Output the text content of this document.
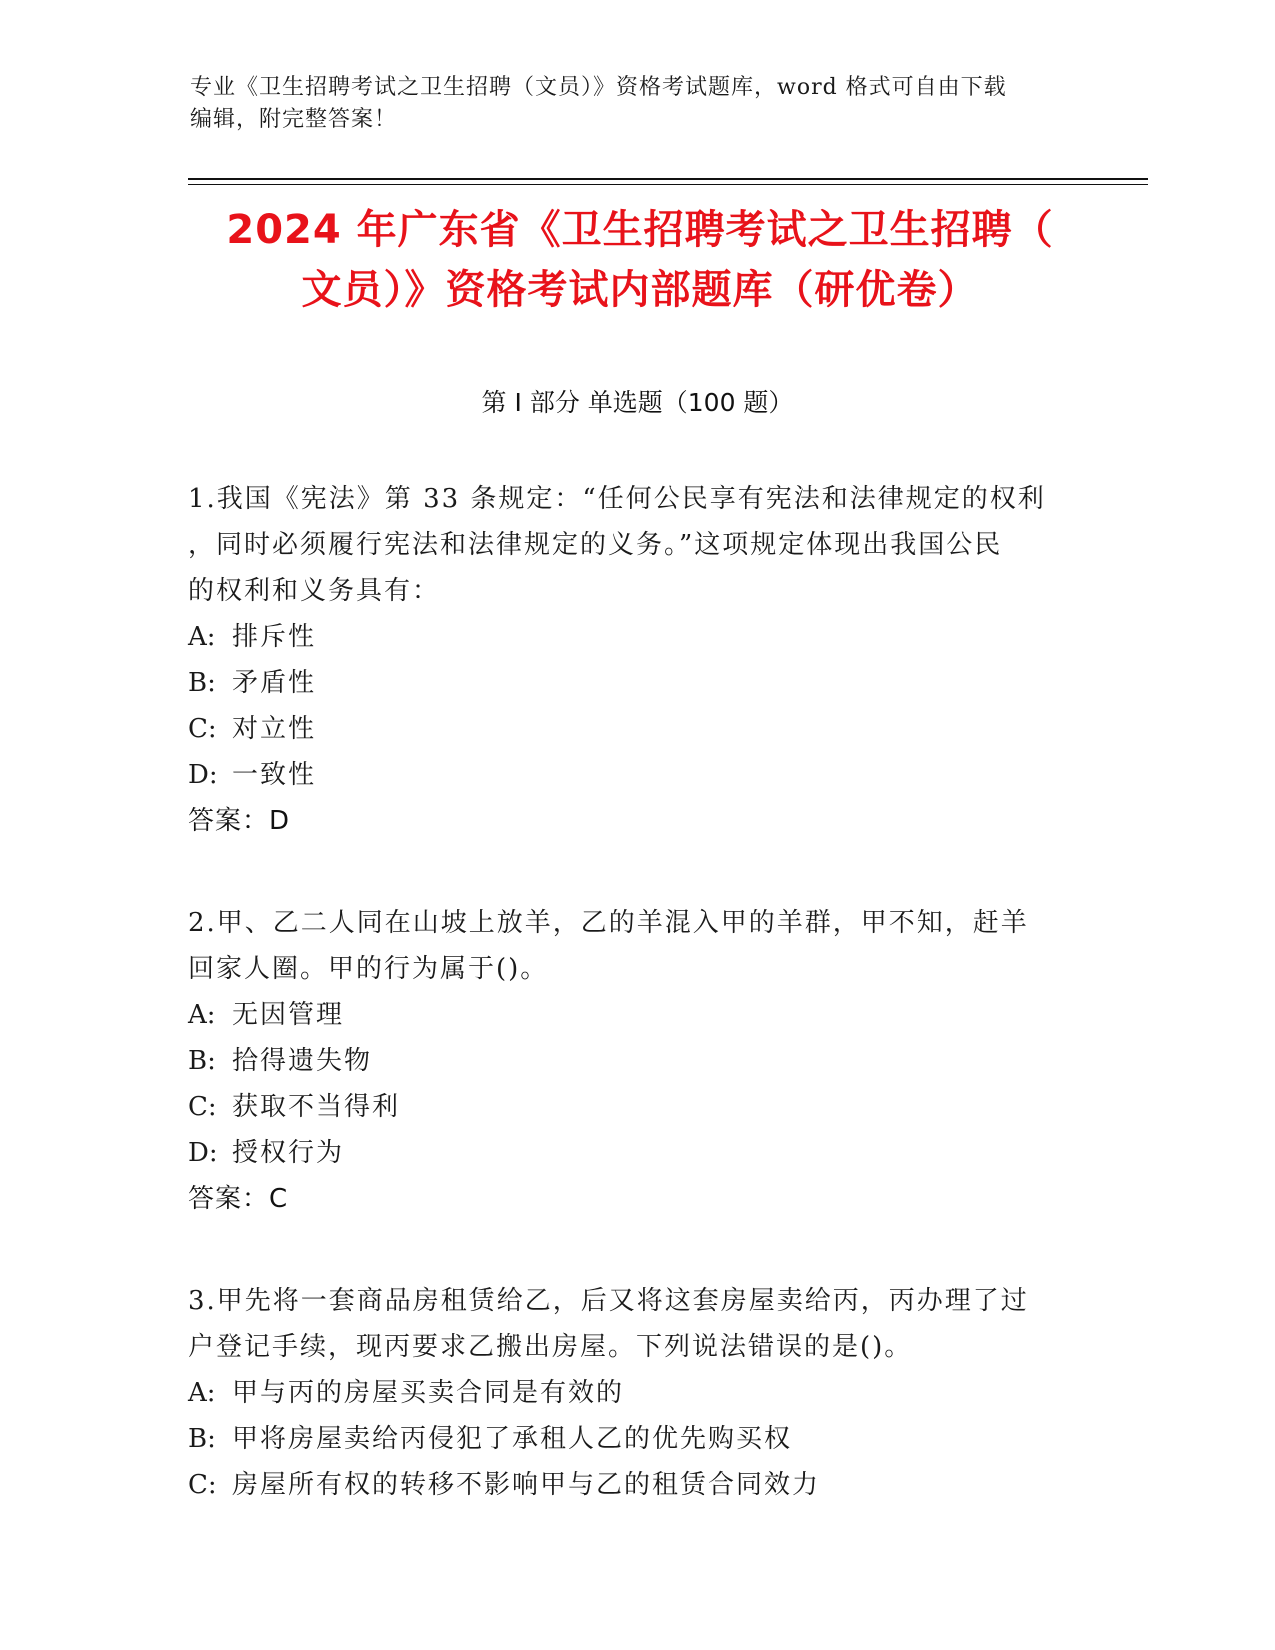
专业《卫生招聘考试之卫生招聘（文员）》资格考试题库，word 格式可自由下载
编辑，附完整答案！
2024 年广东省《卫生招聘考试之卫生招聘（
文员）》资格考试内部题库（研优卷）
第 I 部分 单选题（100 题）
1.我国《宪法》第 33 条规定：“任何公民享有宪法和法律规定的权利
，同时必须履行宪法和法律规定的义务。”这项规定体现出我国公民
的权利和义务具有：
A: 排斥性
B: 矛盾性
C: 对立性
D: 一致性
答案：D
2.甲、乙二人同在山坡上放羊，乙的羊混入甲的羊群，甲不知，赶羊
回家人圈。甲的行为属于()。
A: 无因管理
B: 拾得遗失物
C: 获取不当得利
D: 授权行为
答案：C
3.甲先将一套商品房租赁给乙，后又将这套房屋卖给丙，丙办理了过
户登记手续，现丙要求乙搬出房屋。下列说法错误的是()。
A: 甲与丙的房屋买卖合同是有效的
B: 甲将房屋卖给丙侵犯了承租人乙的优先购买权
C: 房屋所有权的转移不影响甲与乙的租赁合同效力
